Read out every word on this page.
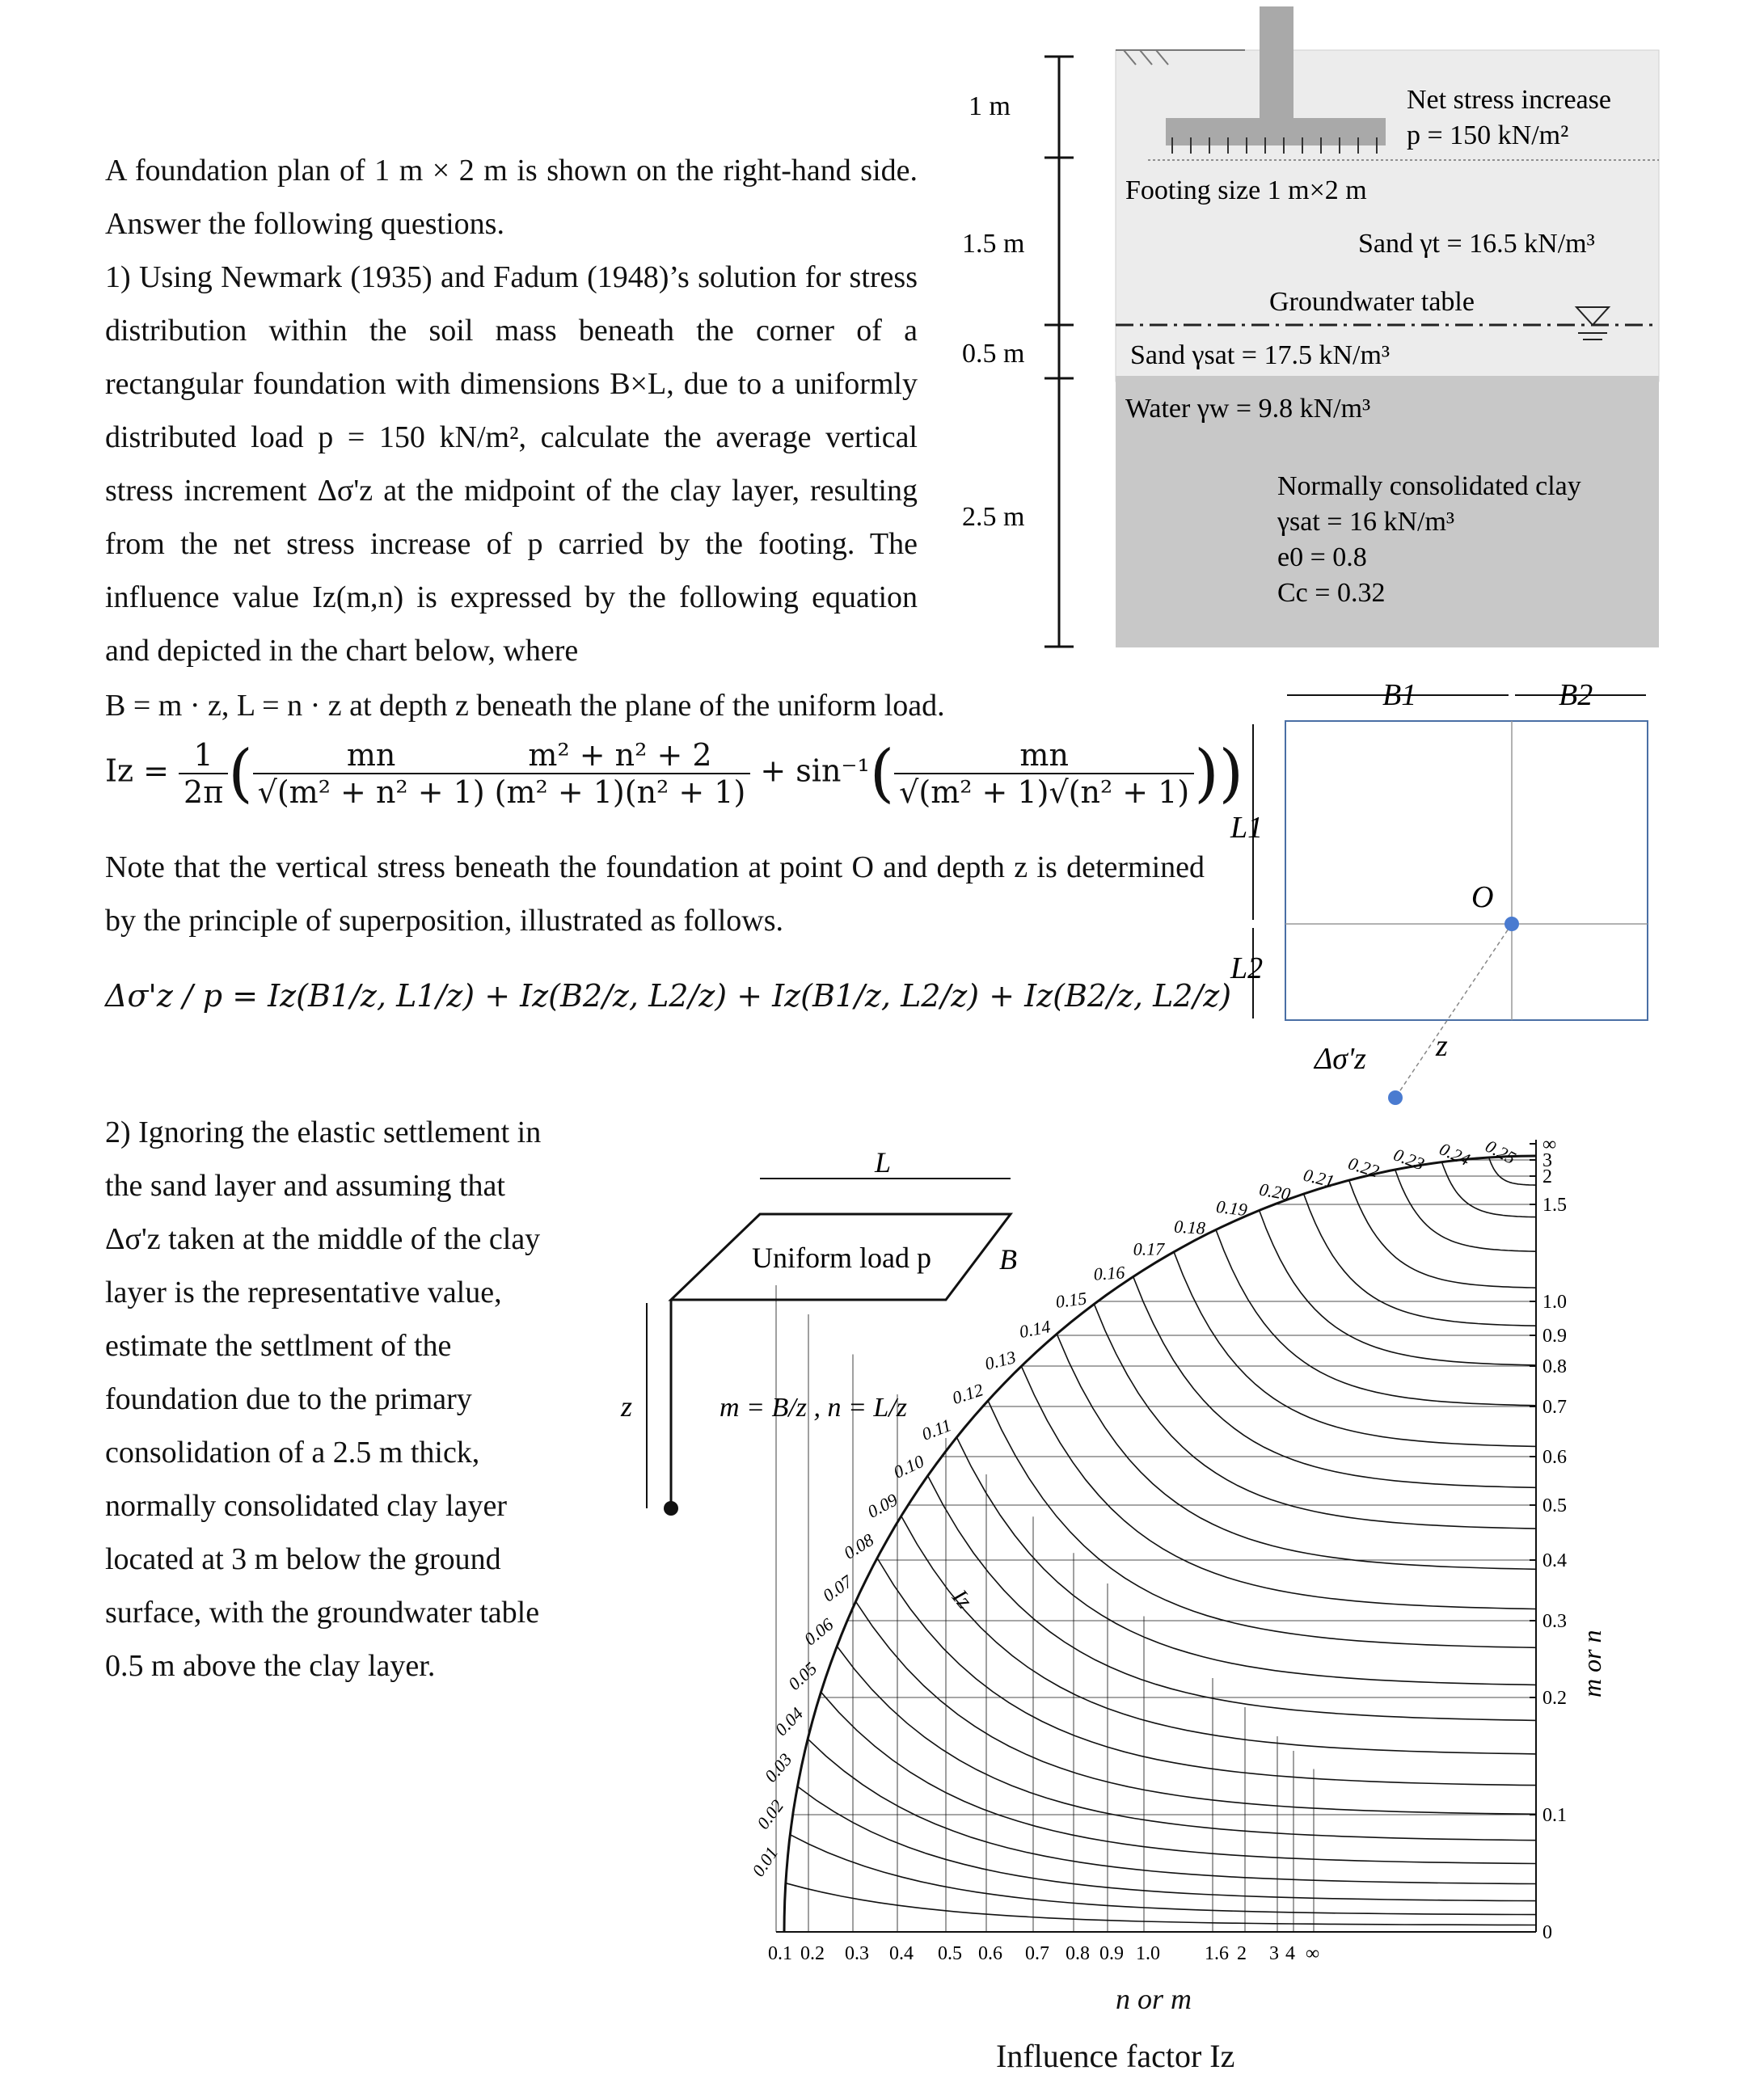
A foundation plan of 1 m × 2 m is shown on the right-hand side. Answer the following questions.
1) Using Newmark (1935) and Fadum (1948)’s solution for stress distribution within the soil mass beneath the corner of a rectangular foundation with dimensions B×L, due to a uniformly distributed load p = 150 kN/m², calculate the average vertical stress increment Δσ'z at the midpoint of the clay layer, resulting from the net stress increase of p carried by the footing. The influence value Iz(m,n) is expressed by the following equation and depicted in the chart below, where
B = m · z, L = n · z at depth z beneath the plane of the uniform load.
$Iz = \frac{1}{2\pi}$ ( $\frac{mn}{\text{√(m² + n² + 1)}} \frac{\text{m² + n² + 2}}{\text{(m² + 1)(n² + 1)}} + \sin^{-1}( \frac{mn}{\text{√(m² + 1)√(n² + 1)}}$ ))
Note that the vertical stress beneath the foundation at point O and depth z is determined by the principle of superposition, illustrated as follows.
Δσ'z / p = Iz(B1/z, L1/z) + Iz(B2/z, L2/z) + Iz(B1/z, L2/z) + Iz(B2/z, L2/z)
2) Ignoring the elastic settlement in the sand layer and assuming that Δσ'z taken at the middle of the clay layer is the representative value, estimate the settlment of the foundation due to the primary consolidation of a 2.5 m thick, normally consolidated clay layer located at 3 m below the ground surface, with the groundwater table 0.5 m above the clay layer.
1 m
1.5 m
0.5 m
2.5 m
Net stress increase
p = 150 kN/m²
Footing size 1 m×2 m
Sand γt = 16.5 kN/m³
Groundwater table
Sand γsat = 17.5 kN/m³
Water γw = 9.8 kN/m³
Normally consolidated clay
γsat = 16 kN/m³
e0 = 0.8
Cc = 0.32
B1	B2
L1
L2
O
z
Δσ'z
L
B
Uniform load p
z	m = B/z , n = L/z
0.1 0.2 0.3 0.4 0.5 0.6 0.7 0.8 0.9 1.0 1.6 2 3 4 ∞
0
0.1
0.2
0.3
0.4
0.5
0.6
0.7
0.8
0.9
1.0
1.5
2
3
∞
0.01
0.02
0.03
0.04
0.05
0.06
0.07
0.08
0.09
0.10
0.11
0.12
0.13
0.14
0.15
0.16
0.17
0.18
0.19
0.20
0.21 0.22 0.23 0.24 0.25
Iz
m or n
n or m
Influence factor Iz
